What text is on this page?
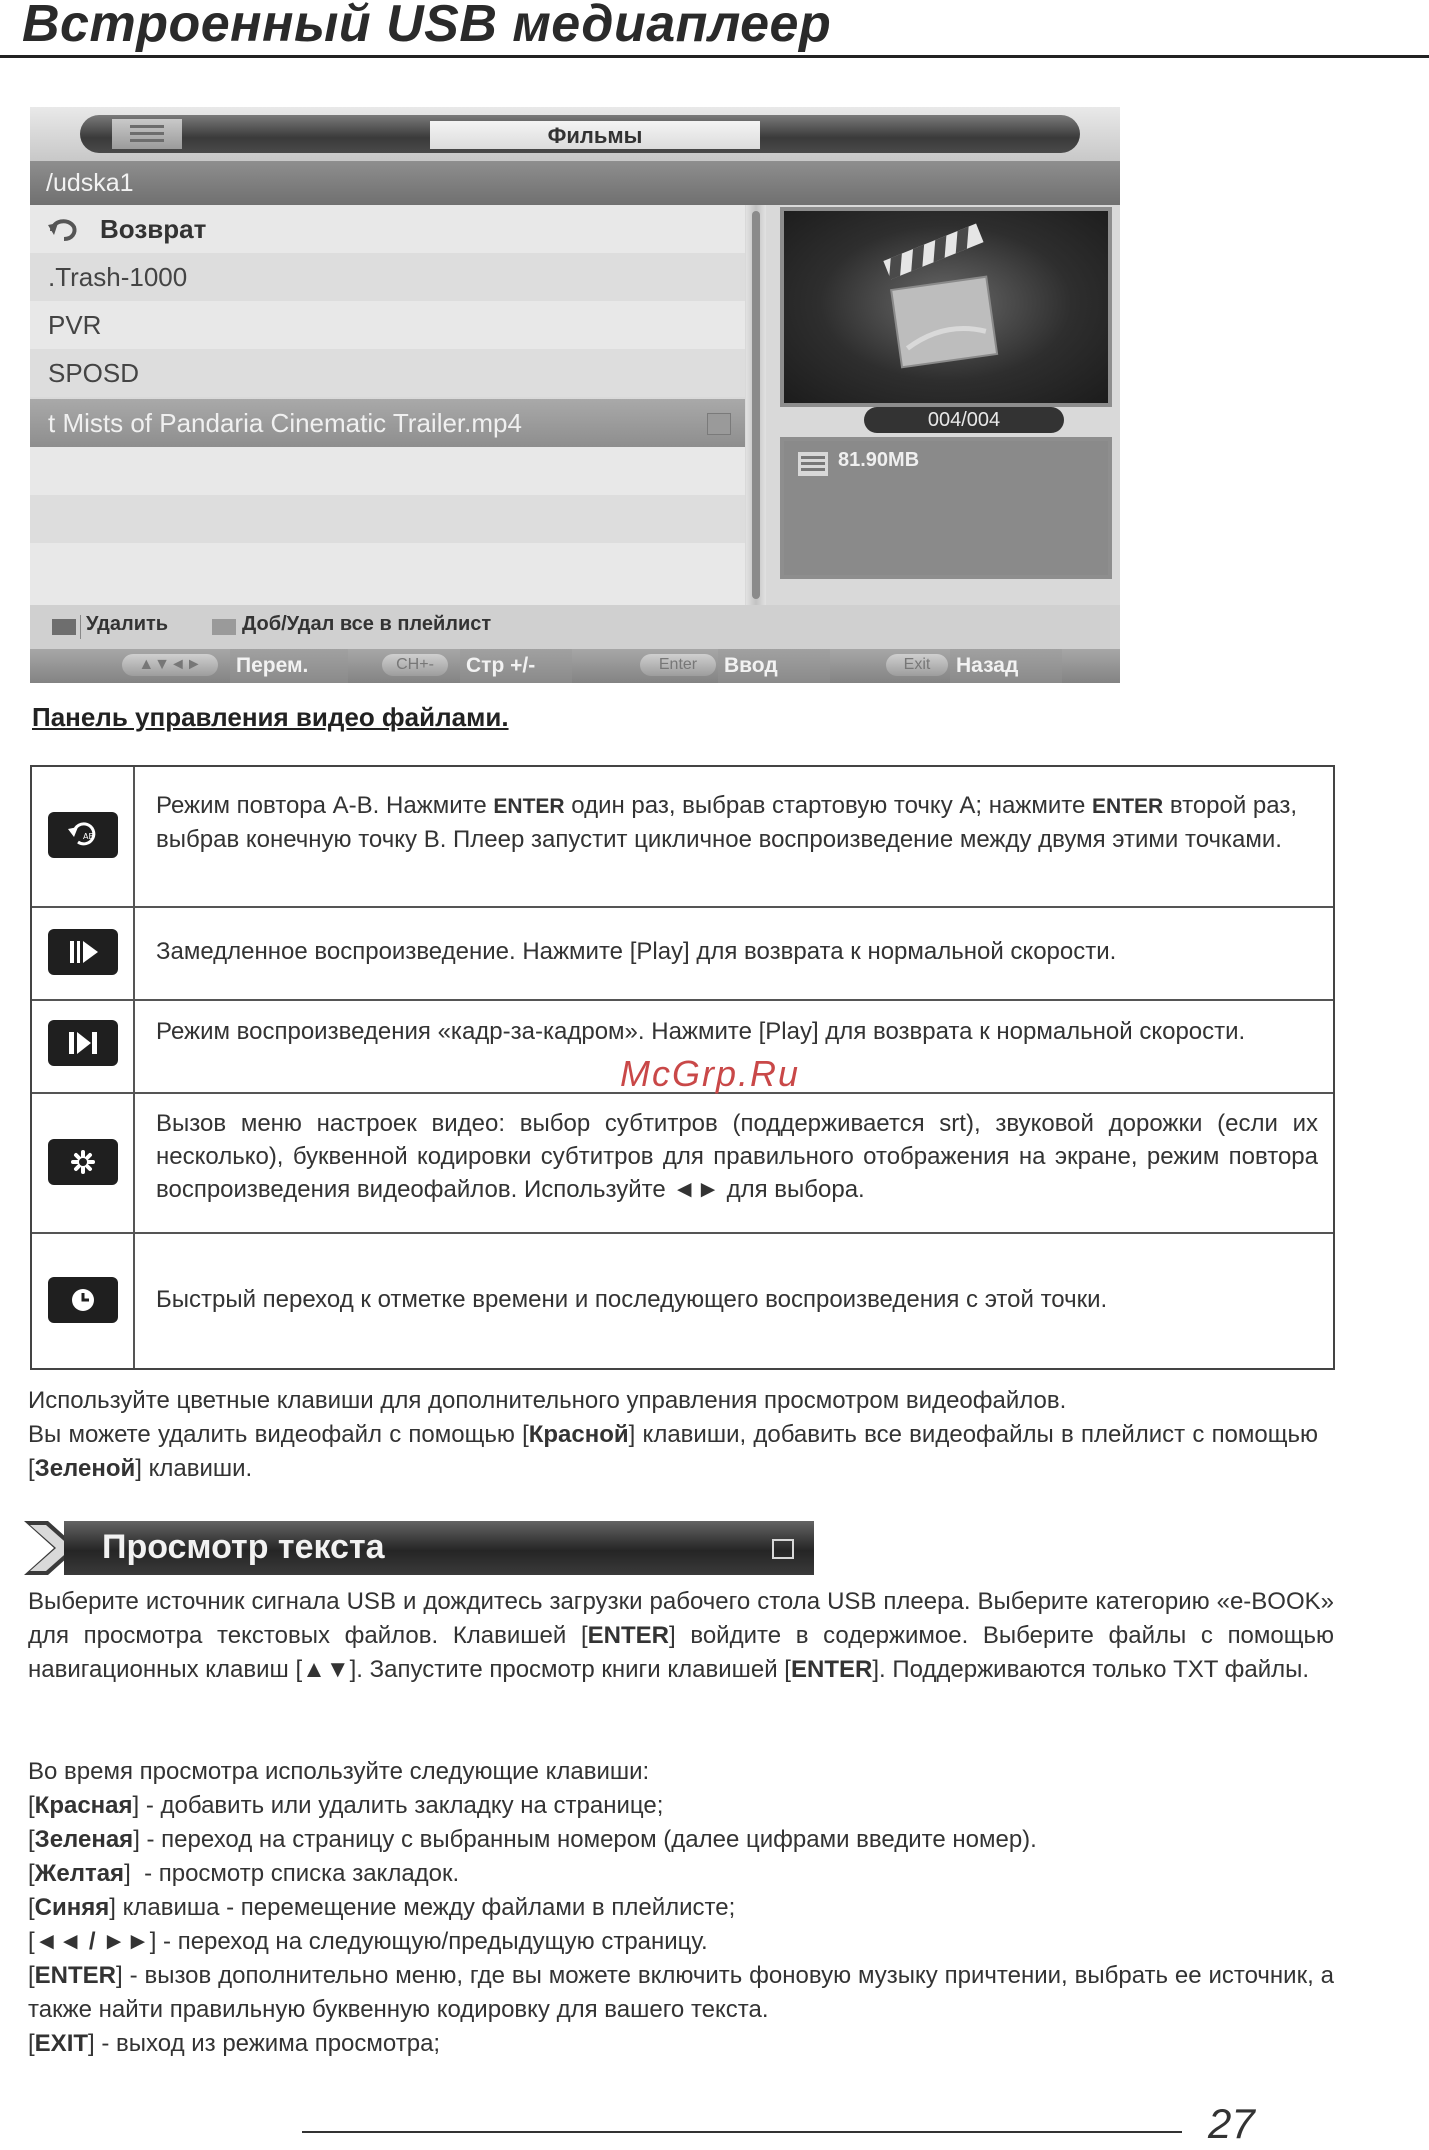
Встроенный USB медиаплеер
Фильмы
/udska1
Возврат
.Trash-1000
PVR
SPOSD
t Mists of Pandaria Cinematic Trailer.mp4	004/004
81.90MB
Удалить	Доб/Удал все в плейлист
▲▼◄►	Перем.	CH+-	Стр +/-	Enter	Ввод	Exit	Назад
Панель управления видео файлами.
AB
Режим повтора A-B. Нажмите ENTER один раз, выбрав стартовую точку А; нажмите ENTER второй раз, выбрав конечную точку В. Плеер запустит цикличное воспроизведение между двумя этими точками.
Замедленное воспроизведение. Нажмите [Play] для возврата к нормальной скорости.
Режим воспроизведения «кадр-за-кадром». Нажмите [Play] для возврата к нормальной скорости.
Вызов меню настроек видео: выбор субтитров (поддерживается srt), звуковой дорожки (если их несколько), буквенной кодировки субтитров для правильного отображения на экране, режим повтора воспроизведения видеофайлов. Используйте ◄► для выбора.
Быстрый переход к отметке времени и последующего воспроизведения с этой точки.
McGrp.Ru
Используйте цветные клавиши для дополнительного управления просмотром видеофайлов.
Вы можете удалить видеофайл с помощью [Красной] клавиши, добавить все видеофайлы в плейлист с помощью [Зеленой] клавиши.
Просмотр текста
Выберите источник сигнала USB и дождитесь загрузки рабочего стола USB плеера. Выберите категорию «e-BOOK» для просмотра текстовых файлов. Клавишей [ENTER] войдите в содержимое. Выберите файлы с помощью навигационных клавиш [▲▼]. Запустите просмотр книги клавишей [ENTER]. Поддерживаются только TXT файлы.
Во время просмотра используйте следующие клавиши:
[Красная] - добавить или удалить закладку на странице;
[Зеленая] - переход на страницу с выбранным номером (далее цифрами введите номер).
[Желтая]  - просмотр списка закладок.
[Синяя] клавиша - перемещение между файлами в плейлисте;
[◄◄ / ►►] - переход на следующую/предыдущую страницу.
[ENTER] - вызов дополнительно меню, где вы можете включить фоновую музыку причтении, выбрать ее источник, а также найти правильную буквенную кодировку для вашего текста.
[EXIT] - выход из режима просмотра;
27
